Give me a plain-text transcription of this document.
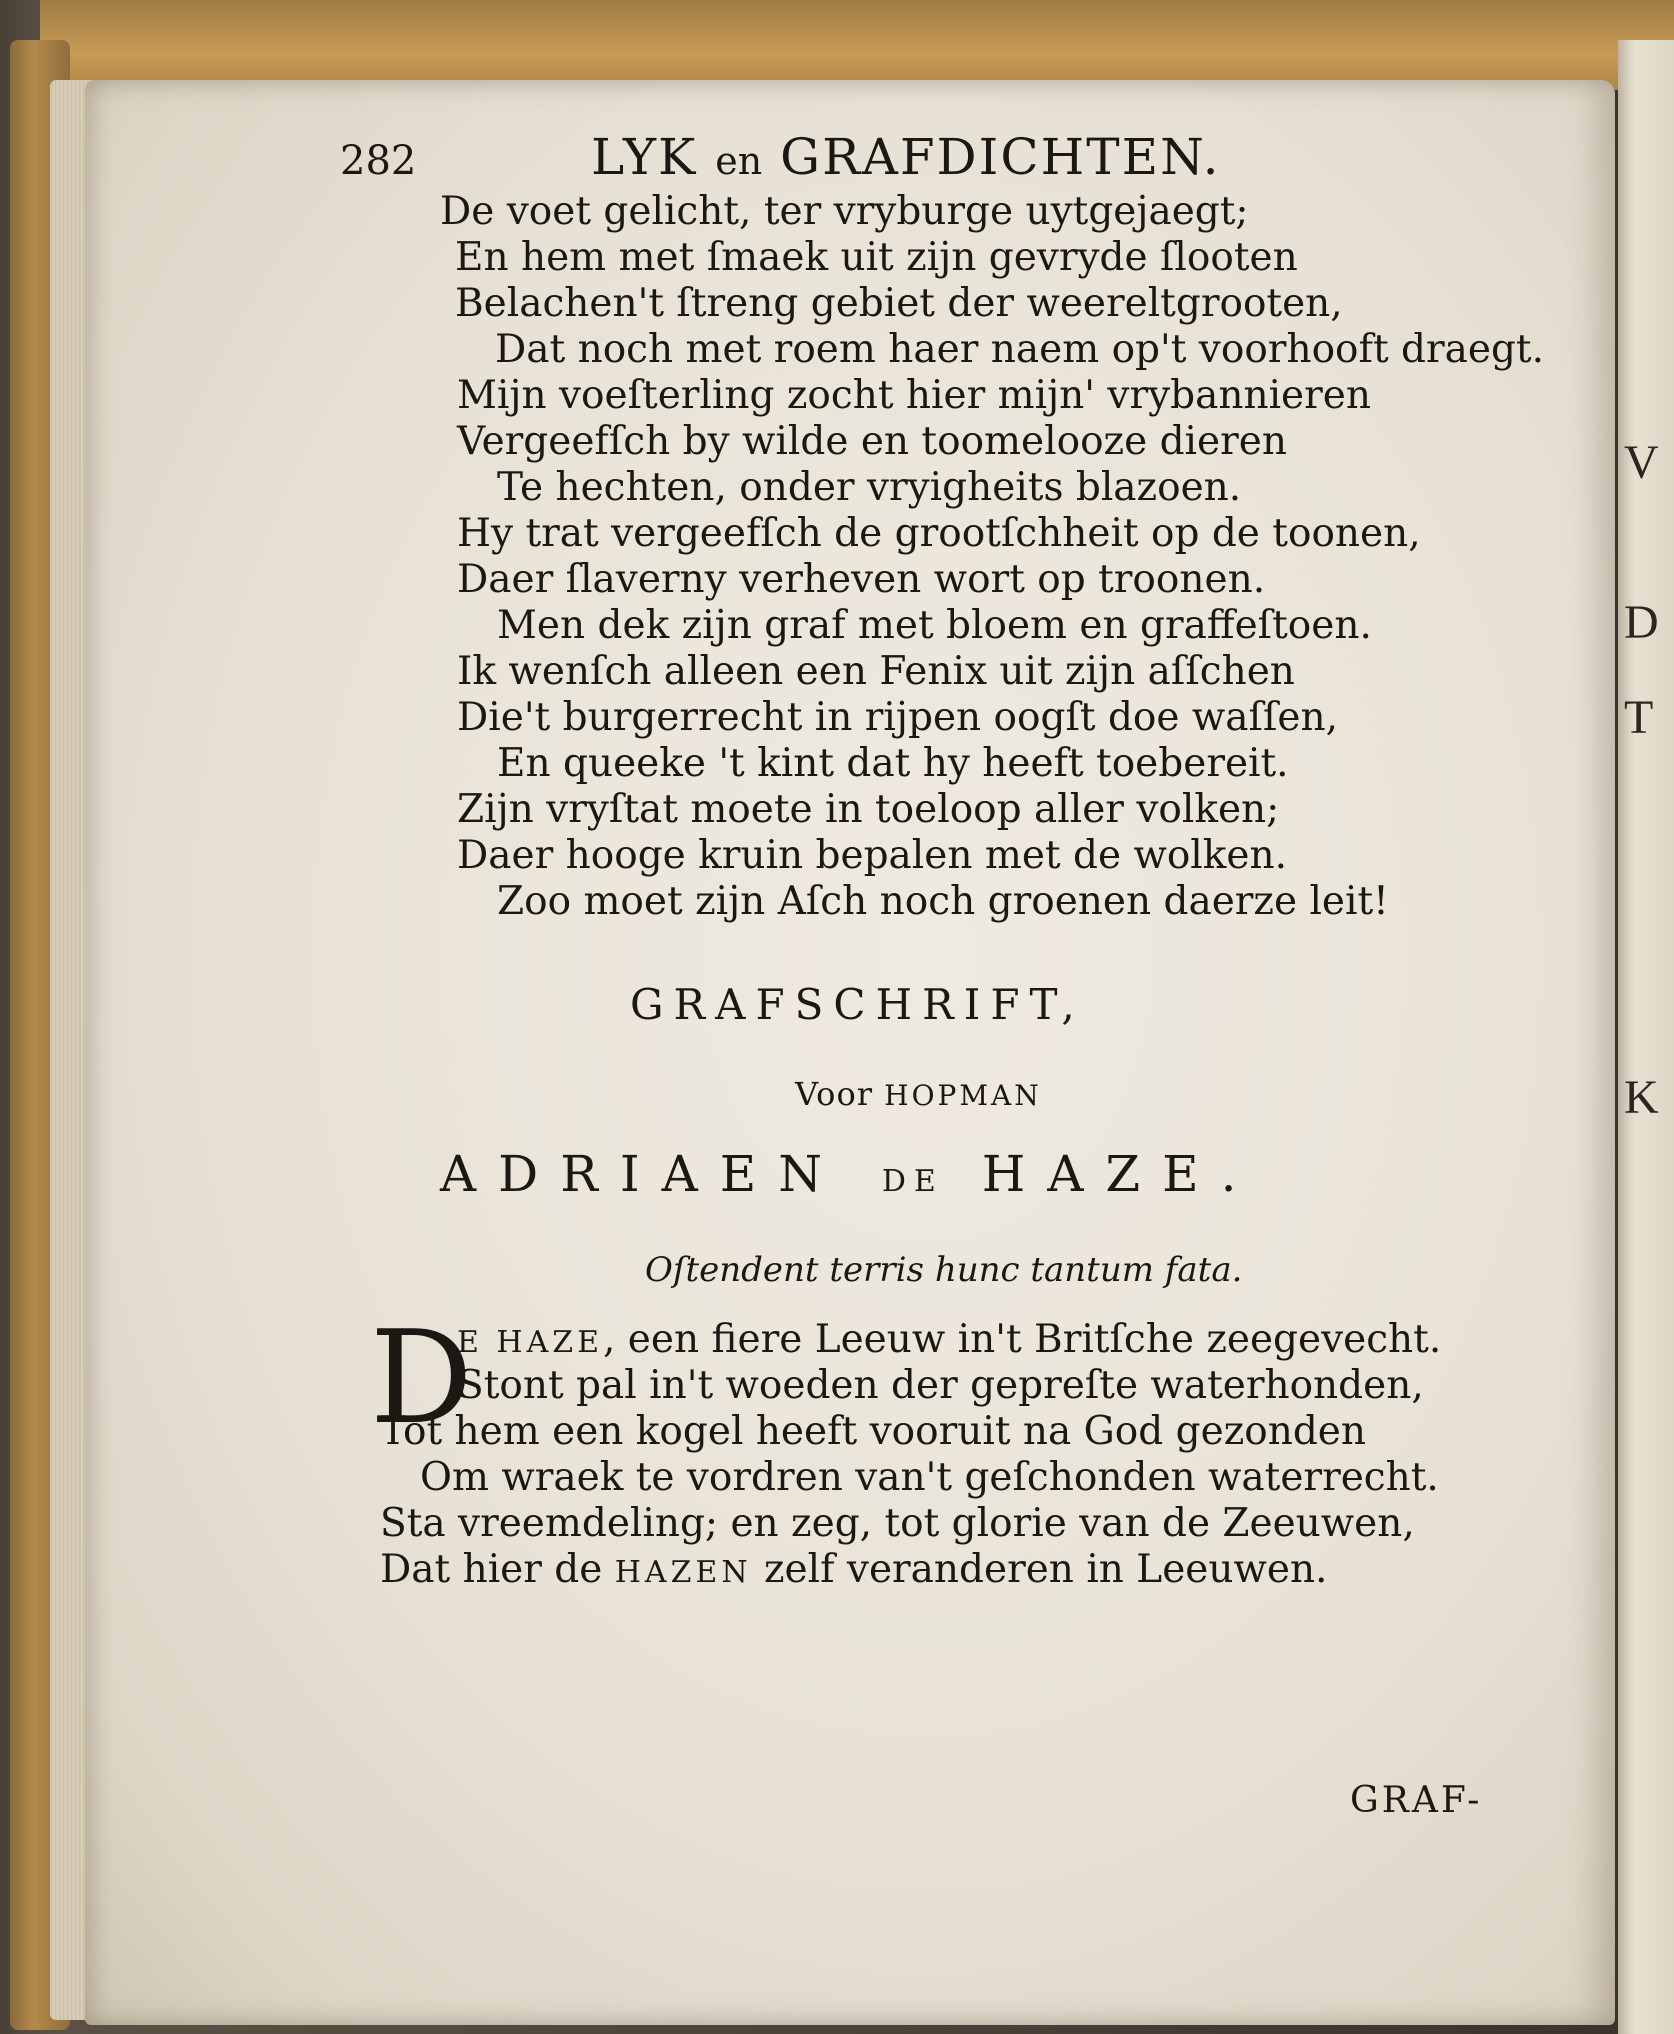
V
D
T
K
282	LYK en GRAFDICHTEN.
De voet gelicht, ter vryburge uytgejaegt;
En hem met ſmaek uit zijn gevryde ſlooten
Belachen't ſtreng gebiet der weereltgrooten,
Dat noch met roem haer naem op't voorhooft draegt.
Mijn voeſterling zocht hier mijn' vrybannieren
Vergeefſch by wilde en toomelooze dieren
Te hechten, onder vryigheits blazoen.
Hy trat vergeefſch de grootſchheit op de toonen,
Daer ſlaverny verheven wort op troonen.
Men dek zijn graf met bloem en graffeſtoen.
Ik wenſch alleen een Fenix uit zijn aſſchen
Die't burgerrecht in rijpen oogſt doe waſſen,
En queeke 't kint dat hy heeft toebereit.
Zijn vryſtat moete in toeloop aller volken;
Daer hooge kruin bepalen met de wolken.
Zoo moet zijn Aſch noch groenen daerze leit!
GRAFSCHRIFT,
Voor HOPMAN
ADRIAEN DE HAZE.
Oſtendent terris hunc tantum fata.
D
E HAZE, een fiere Leeuw in't Britſche zeegevecht.
Stont pal in't woeden der gepreſte waterhonden,
Tot hem een kogel heeft vooruit na God gezonden
Om wraek te vordren van't geſchonden waterrecht.
Sta vreemdeling; en zeg, tot glorie van de Zeeuwen,
Dat hier de HAZEN zelf veranderen in Leeuwen.
GRAF-
